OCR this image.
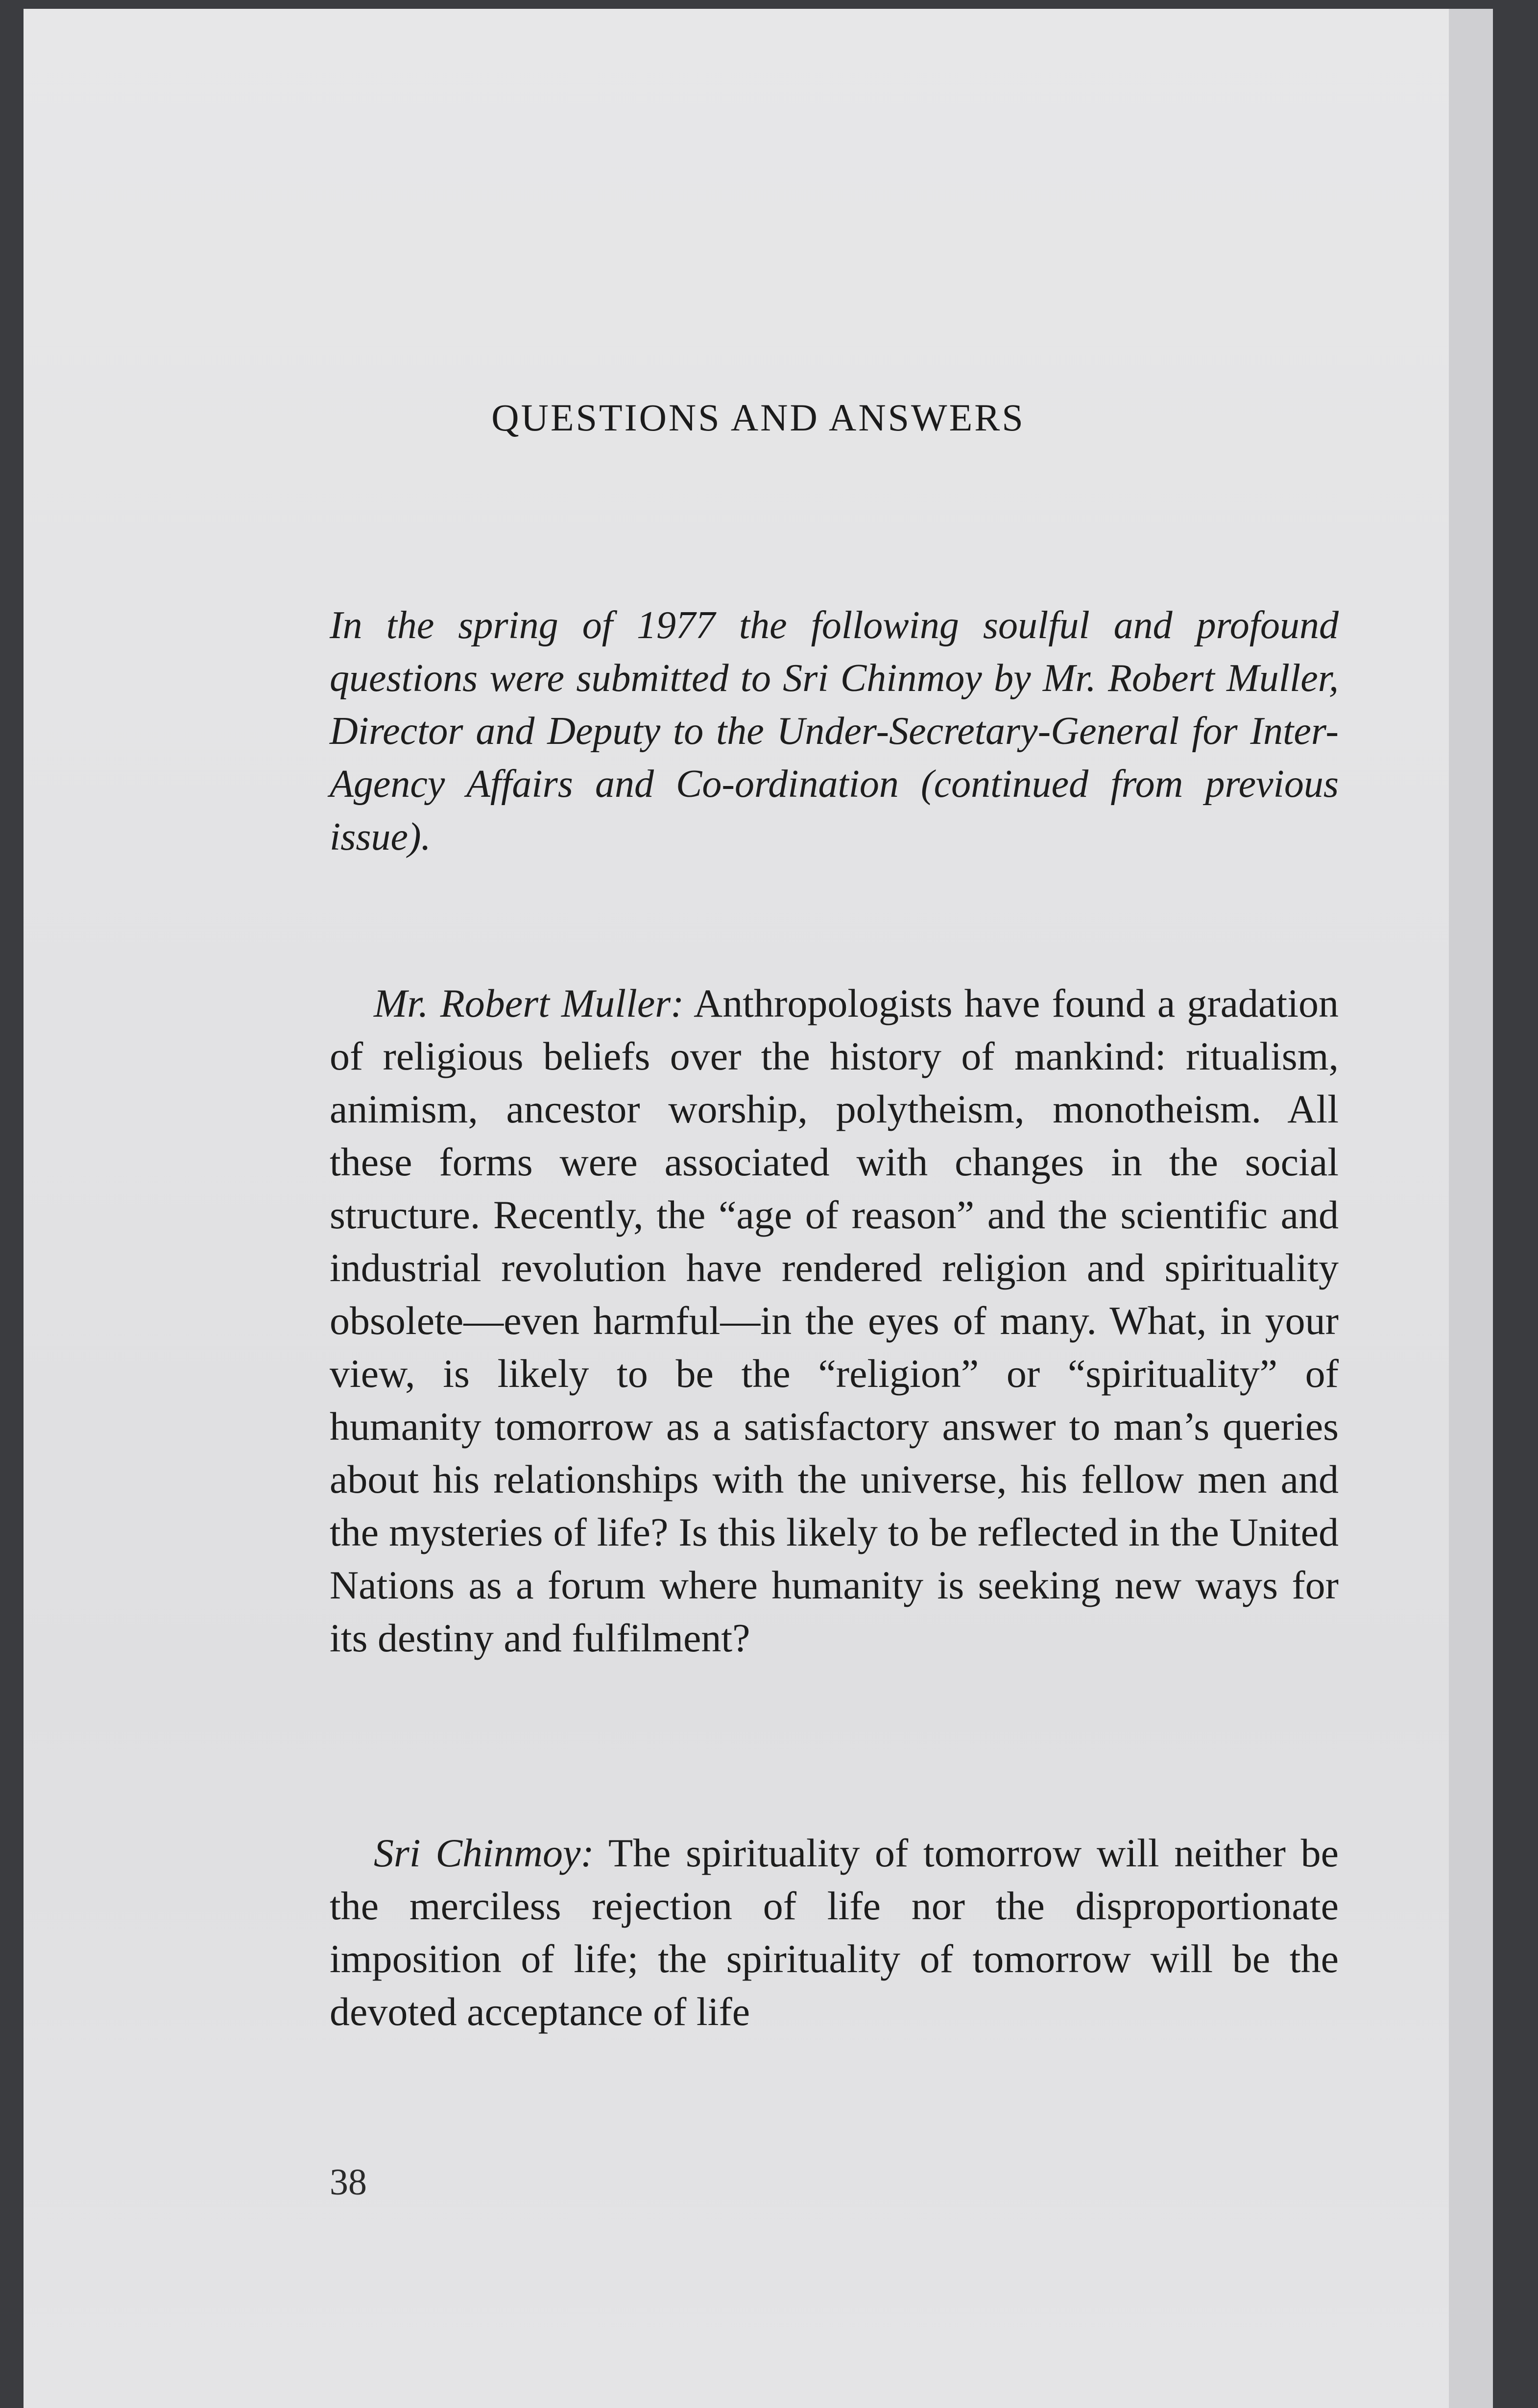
QUESTIONS AND ANSWERS

In the spring of 1977 the following soulful and profound questions were submitted to Sri Chinmoy by Mr. Robert Muller, Director and Deputy to the Under-Secretary-General for Inter-Agency Affairs and Co-ordination (continued from previous issue).

Mr. Robert Muller: Anthropologists have found a gradation of religious beliefs over the history of mankind: ritualism, animism, ancestor worship, polytheism, monotheism. All these forms were associated with changes in the social structure. Recently, the “age of reason” and the scientific and industrial revolution have rendered religion and spirituality obsolete—even harmful—in the eyes of many. What, in your view, is likely to be the “religion” or “spirituality” of humanity tomorrow as a satisfactory answer to man’s queries about his relationships with the universe, his fellow men and the mysteries of life? Is this likely to be reflected in the United Nations as a forum where humanity is seeking new ways for its destiny and fulfilment?

Sri Chinmoy: The spirituality of tomorrow will neither be the merciless rejection of life nor the disproportionate imposition of life; the spirituality of tomorrow will be the devoted acceptance of life

38
